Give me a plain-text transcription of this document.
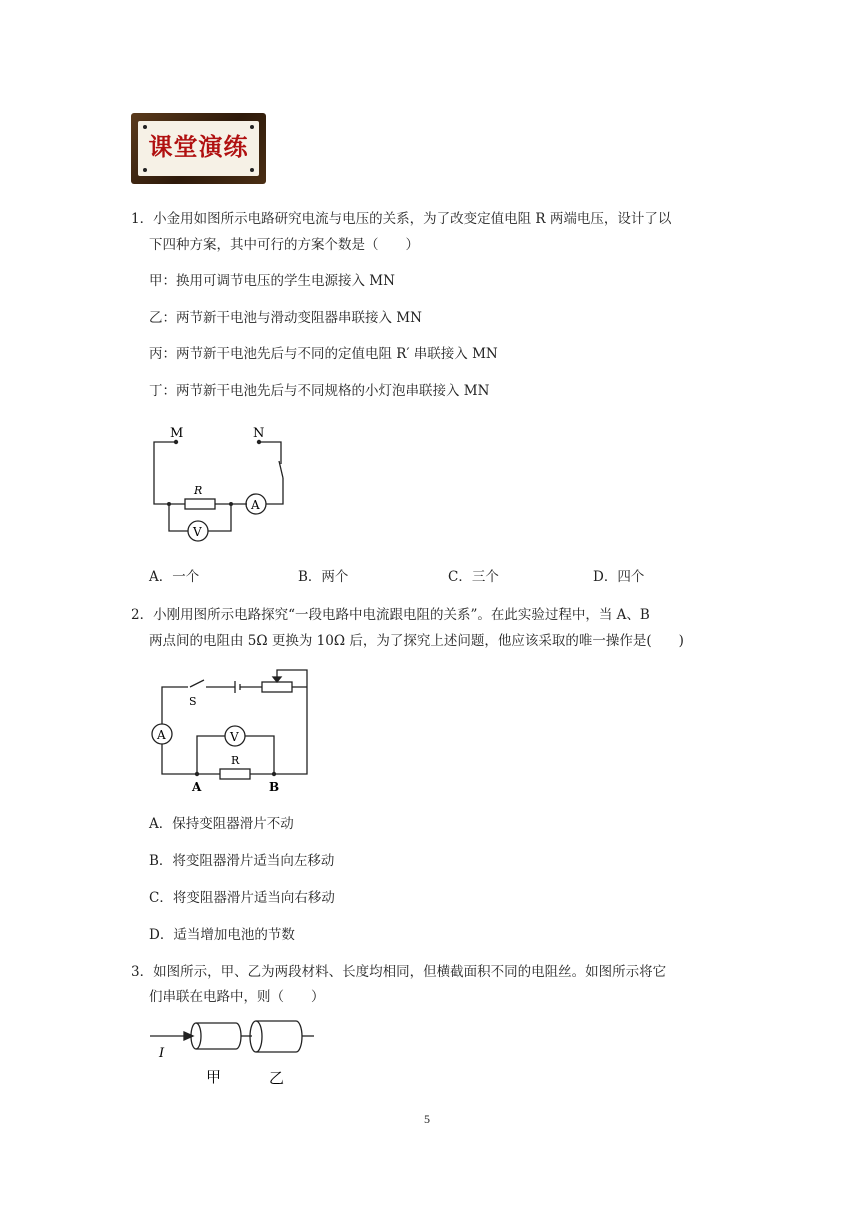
课堂演练
1．小金用如图所示电路研究电流与电压的关系，为了改变定值电阻 R 两端电压，设计了以
下四种方案，其中可行的方案个数是（　　）
甲：换用可调节电压的学生电源接入 MN
乙：两节新干电池与滑动变阻器串联接入 MN
丙：两节新干电池先后与不同的定值电阻 R′ 串联接入 MN
丁：两节新干电池先后与不同规格的小灯泡串联接入 MN
M	N
R
A
V
A．一个	B．两个	C．三个	D．四个
2．小刚用图所示电路探究“一段电路中电流跟电阻的关系”。在此实验过程中，当 A、B
两点间的电阻由 5Ω 更换为 10Ω 后，为了探究上述问题，他应该采取的唯一操作是(　　)
S
A	V
R
A	B
A．保持变阻器滑片不动
B．将变阻器滑片适当向左移动
C．将变阻器滑片适当向右移动
D．适当增加电池的节数
3．如图所示，甲、乙为两段材料、长度均相同，但横截面积不同的电阻丝。如图所示将它
们串联在电路中，则（　　）
I
甲	乙
5
